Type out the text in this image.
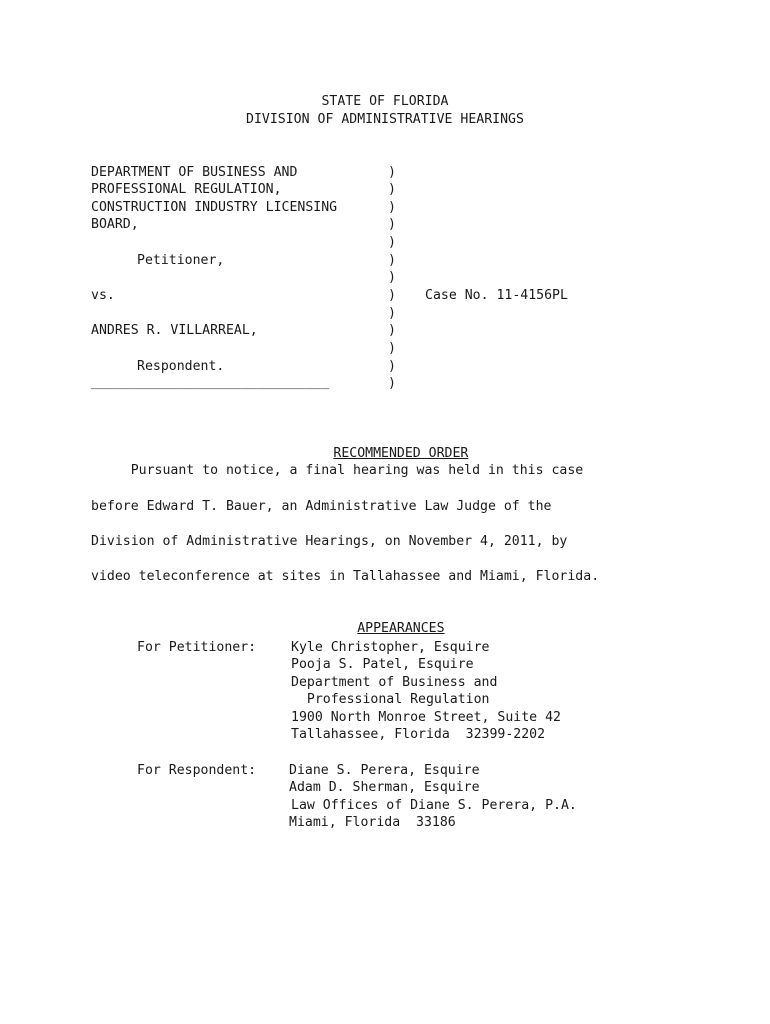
STATE OF FLORIDA
DIVISION OF ADMINISTRATIVE HEARINGS
DEPARTMENT OF BUSINESS AND
PROFESSIONAL REGULATION,
CONSTRUCTION INDUSTRY LICENSING
BOARD,
Petitioner,
vs.
ANDRES R. VILLARREAL,
Respondent.
______________________________
)
)
)
)
)
)
)
)
)
)
)
)
)
Case No. 11-4156PL

RECOMMENDED ORDER

Pursuant to notice, a final hearing was held in this case
before Edward T. Bauer, an Administrative Law Judge of the
Division of Administrative Hearings, on November 4, 2011, by
video teleconference at sites in Tallahassee and Miami, Florida.

APPEARANCES

For Petitioner:	Kyle Christopher, Esquire
Pooja S. Patel, Esquire
Department of Business and
Professional Regulation
1900 North Monroe Street, Suite 42
Tallahassee, Florida  32399-2202
For Respondent: Diane S. Perera, Esquire
Adam D. Sherman, Esquire
Law Offices of Diane S. Perera, P.A.
Miami, Florida  33186
